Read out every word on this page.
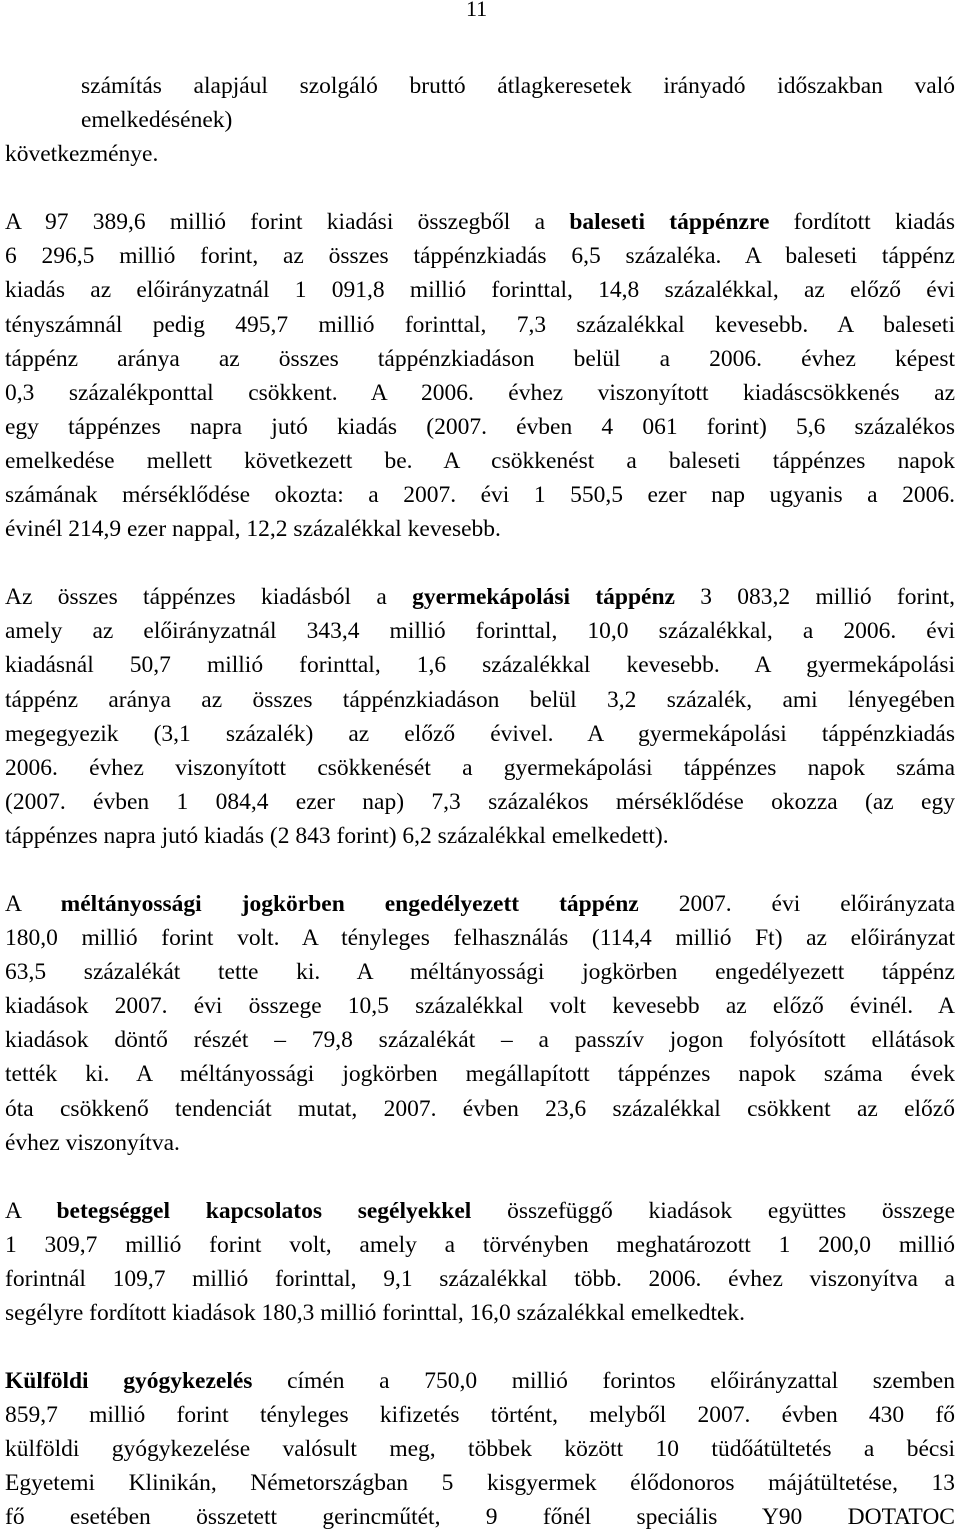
11

számítás alapjául szolgáló bruttó átlagkeresetek irányadó időszakban való
emelkedésének)
következménye.

A 97 389,6 millió forint kiadási összegből a baleseti táppénzre fordított kiadás
6 296,5 millió forint, az összes táppénzkiadás 6,5 százaléka. A baleseti táppénz
kiadás az előirányzatnál 1 091,8 millió forinttal, 14,8 százalékkal, az előző évi
tényszámnál pedig 495,7 millió forinttal, 7,3 százalékkal kevesebb. A baleseti
táppénz aránya az összes táppénzkiadáson belül a 2006. évhez képest
0,3 százalékponttal csökkent. A 2006. évhez viszonyított kiadáscsökkenés az
egy táppénzes napra jutó kiadás (2007. évben 4 061 forint) 5,6 százalékos
emelkedése mellett következett be. A csökkenést a baleseti táppénzes napok
számának mérséklődése okozta: a 2007. évi 1 550,5 ezer nap ugyanis a 2006.
évinél 214,9 ezer nappal, 12,2 százalékkal kevesebb.

Az összes táppénzes kiadásból a gyermekápolási táppénz 3 083,2 millió forint,
amely az előirányzatnál 343,4 millió forinttal, 10,0 százalékkal, a 2006. évi
kiadásnál 50,7 millió forinttal, 1,6 százalékkal kevesebb. A gyermekápolási
táppénz aránya az összes táppénzkiadáson belül 3,2 százalék, ami lényegében
megegyezik (3,1 százalék) az előző évivel. A gyermekápolási táppénzkiadás
2006. évhez viszonyított csökkenését a gyermekápolási táppénzes napok száma
(2007. évben 1 084,4 ezer nap) 7,3 százalékos mérséklődése okozza (az egy
táppénzes napra jutó kiadás (2 843 forint) 6,2 százalékkal emelkedett).

A méltányossági jogkörben engedélyezett táppénz 2007. évi előirányzata
180,0 millió forint volt. A tényleges felhasználás (114,4 millió Ft) az előirányzat
63,5 százalékát tette ki. A méltányossági jogkörben engedélyezett táppénz
kiadások 2007. évi összege 10,5 százalékkal volt kevesebb az előző évinél. A
kiadások döntő részét – 79,8 százalékát – a passzív jogon folyósított ellátások
tették ki. A méltányossági jogkörben megállapított táppénzes napok száma évek
óta csökkenő tendenciát mutat, 2007. évben 23,6 százalékkal csökkent az előző
évhez viszonyítva.

A betegséggel kapcsolatos segélyekkel összefüggő kiadások együttes összege
1 309,7 millió forint volt, amely a törvényben meghatározott 1 200,0 millió
forintnál 109,7 millió forinttal, 9,1 százalékkal több. 2006. évhez viszonyítva a
segélyre fordított kiadások 180,3 millió forinttal, 16,0 százalékkal emelkedtek.

Külföldi gyógykezelés címén a 750,0 millió forintos előirányzattal szemben
859,7 millió forint tényleges kifizetés történt, melyből 2007. évben 430 fő
külföldi gyógykezelése valósult meg, többek között 10 tüdőátültetés a bécsi
Egyetemi Klinikán, Németországban 5 kisgyermek élődonoros májátültetése, 13
fő esetében összetett gerincműtét, 9 főnél speciális Y90 DOTATOC
